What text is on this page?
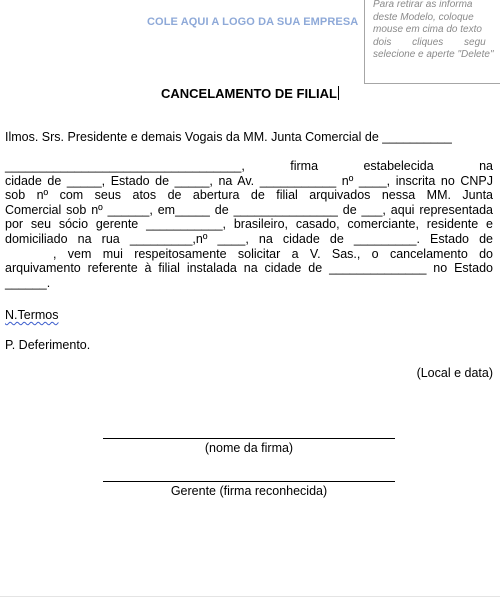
COLE AQUI A LOGO DA SUA EMPRESA
Para retirar as informa
deste Modelo, coloque
mouse em cima do texto
dois cliques segu
selecione e aperte "Delete"
CANCELAMENTO DE FILIAL
Ilmos. Srs. Presidente e demais Vogais da MM. Junta Comercial de __________
__________________________________, firma estabelecida na
cidade de _____, Estado de _____, na Av. ___________ nº ____, inscrita no CNPJ
sob nº com seus atos de abertura de filial arquivados nessa MM. Junta
Comercial sob nº ______, em_____ de _______________ de ___, aqui representada
por seu sócio gerente ___________, brasileiro, casado, comerciante, residente e
domiciliado na rua _________,nº ____, na cidade de _________. Estado de
, vem mui respeitosamente solicitar a V. Sas., o cancelamento do
arquivamento referente à filial instalada na cidade de ______________ no Estado
______.
N.Termos
P. Deferimento.
(Local e data)
(nome da firma)
Gerente (firma reconhecida)
